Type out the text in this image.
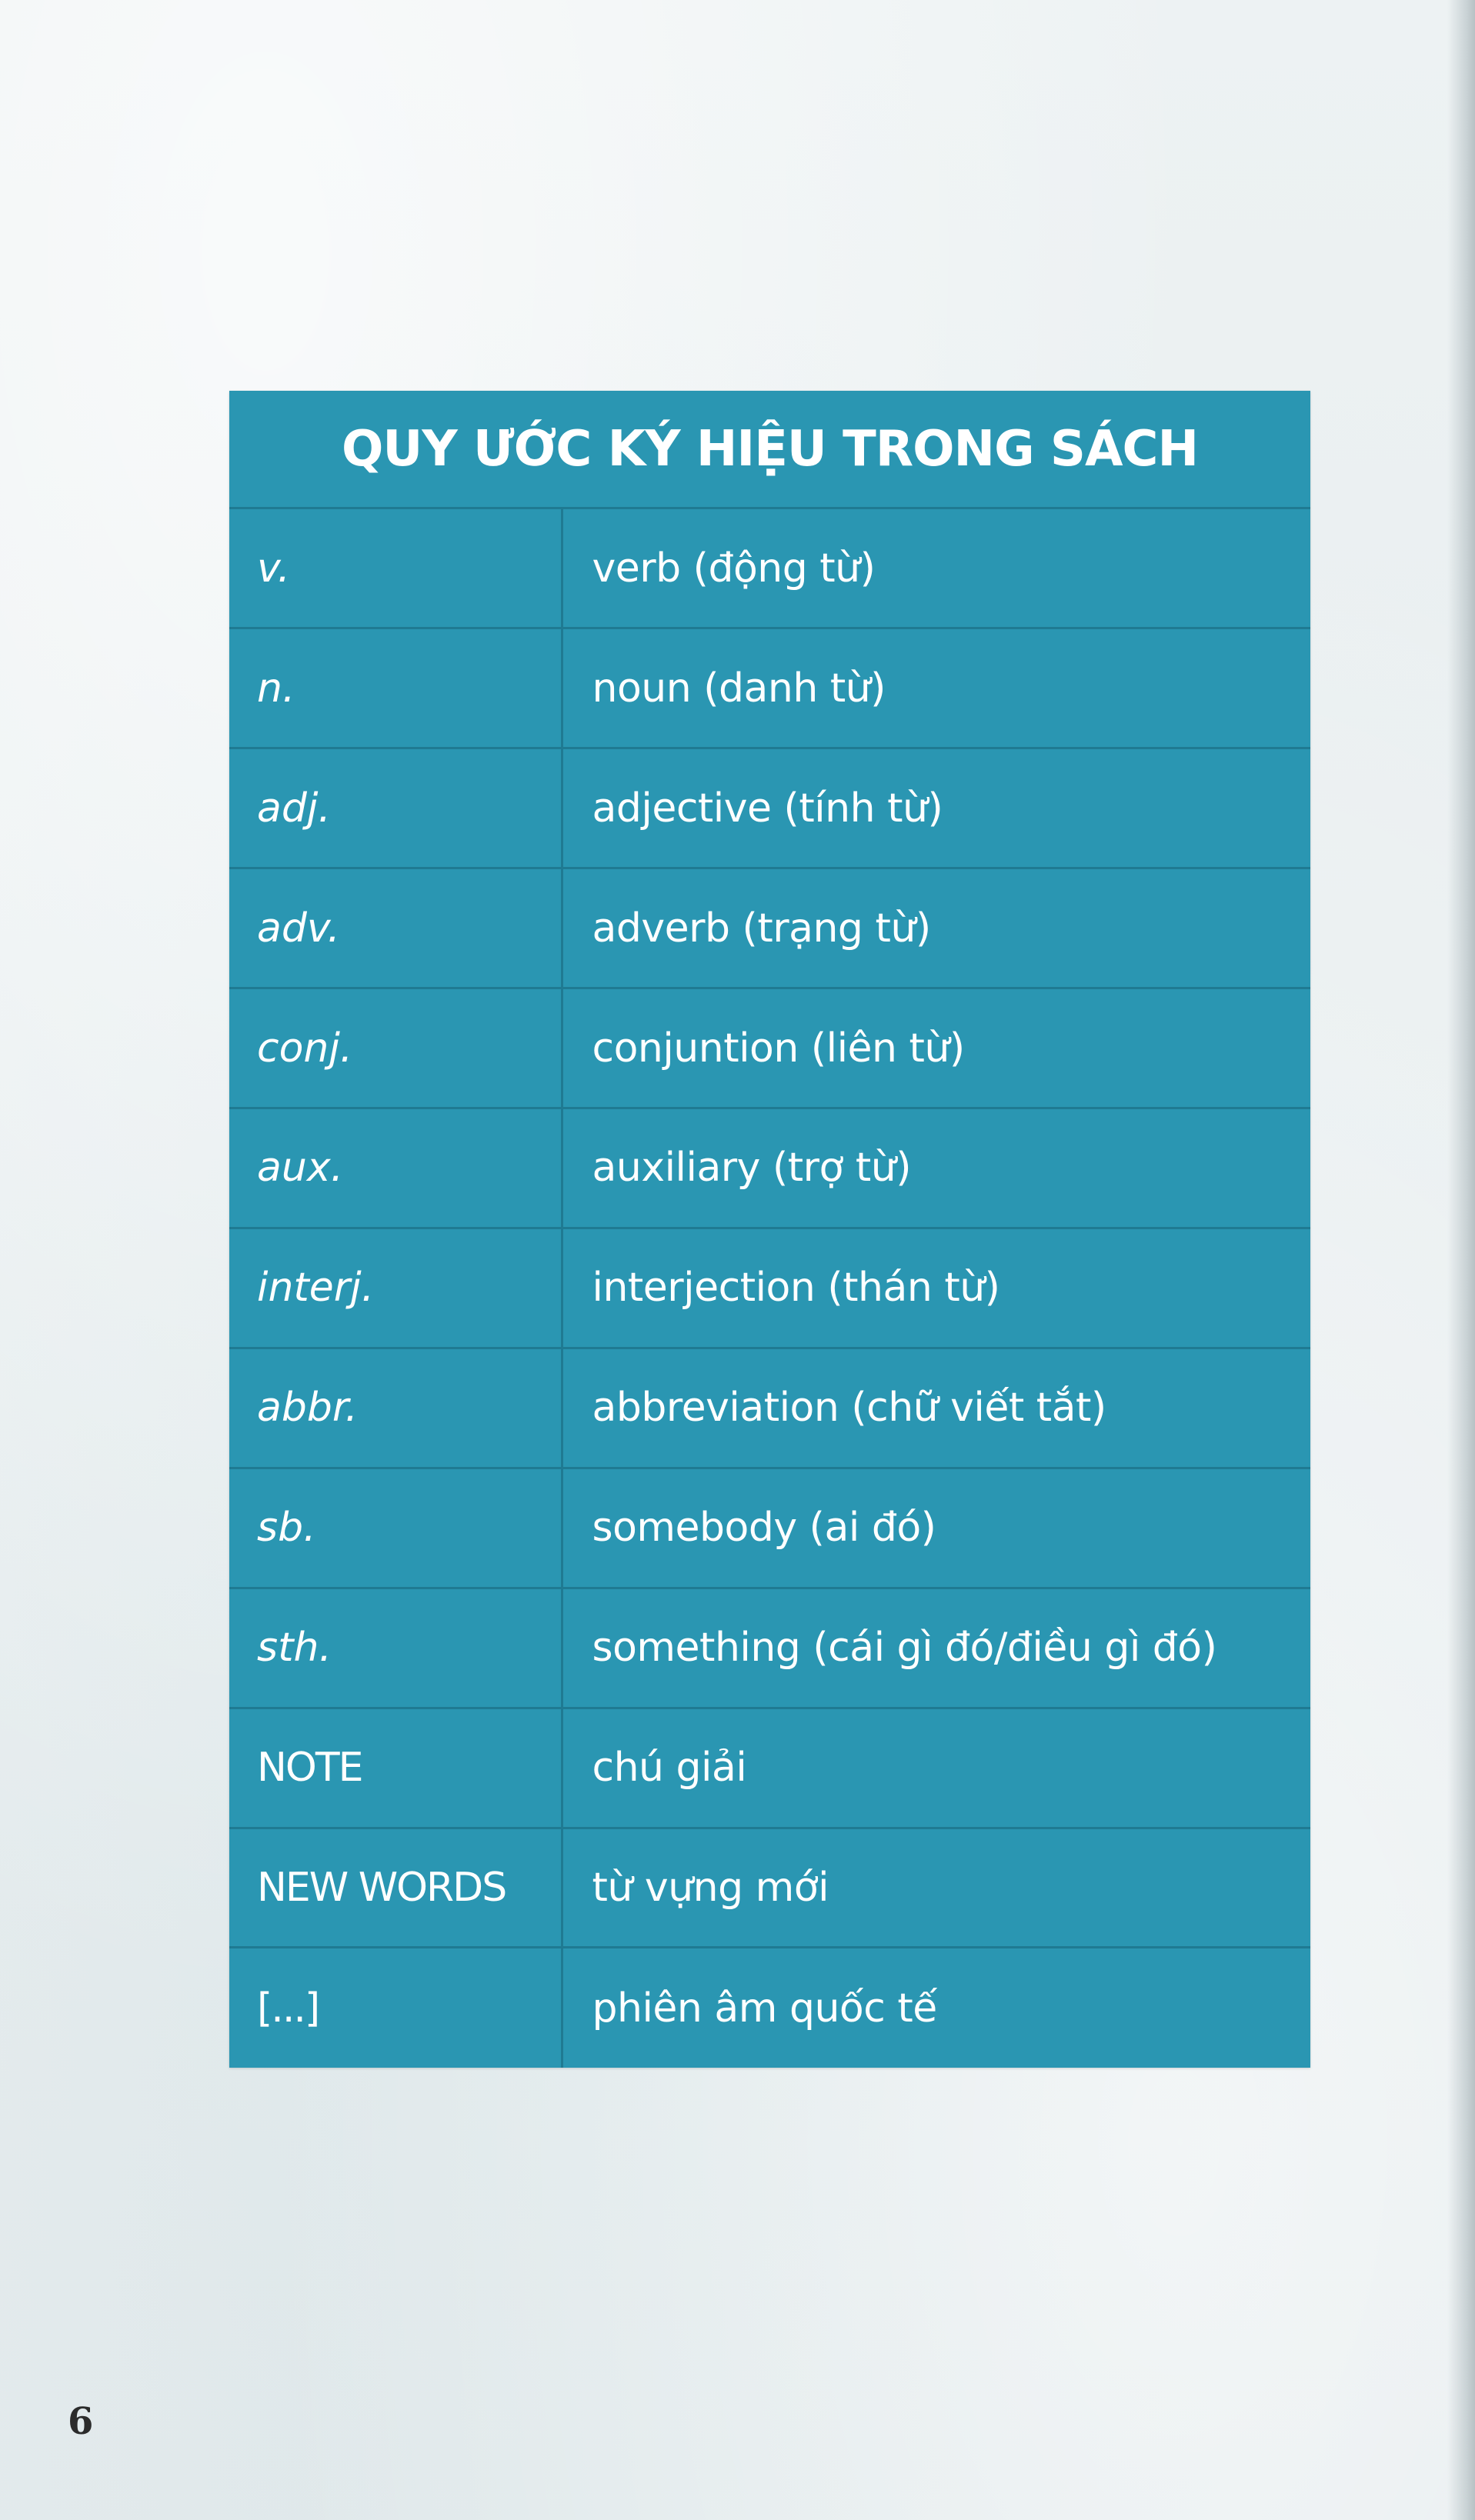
QUY ƯỚC KÝ HIỆU TRONG SÁCH	
v.	verb (động từ)
n.	noun (danh từ)
adj.	adjective (tính từ)
adv.	adverb (trạng từ)
conj.	conjuntion (liên từ)
aux.	auxiliary (trợ từ)
interj.	interjection (thán từ)
abbr.	abbreviation (chữ viết tắt)
sb.	somebody (ai đó)
sth.	something (cái gì đó/điều gì đó)
NOTE	chú giải
NEW WORDS	từ vựng mới
[...]	phiên âm quốc tế
6
